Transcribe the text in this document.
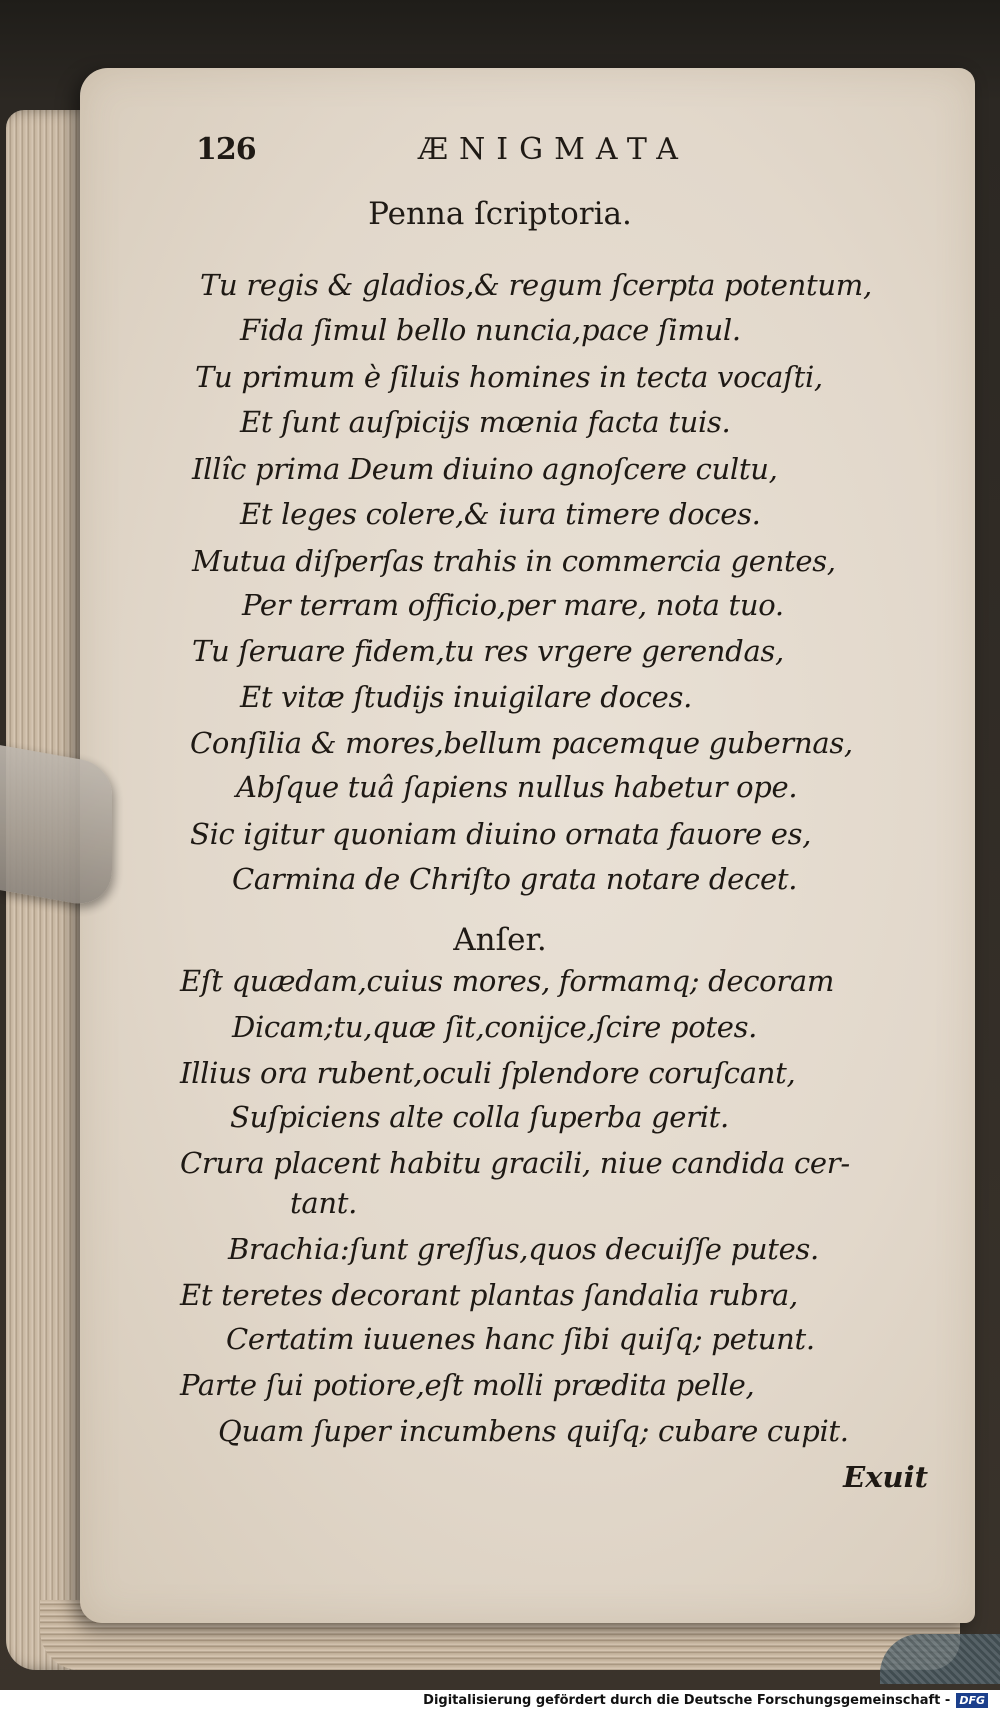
126	ÆNIGMATA
Penna ſcriptoria.
Tu regis & gladios,& regum ſcerpta potentum,
Fida ſimul bello nuncia,pace ſimul.
Tu primum è ſiluis homines in tecta vocaſti,
Et ſunt auſpicijs mœnia facta tuis.
Illîc prima Deum diuino agnoſcere cultu,
Et leges colere,& iura timere doces.
Mutua diſperſas trahis in commercia gentes,
Per terram officio,per mare, nota tuo.
Tu ſeruare fidem,tu res vrgere gerendas,
Et vitæ ſtudijs inuigilare doces.
Conſilia & mores,bellum pacemque gubernas,
Abſque tuâ ſapiens nullus habetur ope.
Sic igitur quoniam diuino ornata fauore es,
Carmina de Chriſto grata notare decet.
Anſer.
Eſt quædam,cuius mores, formamq; decoram
Dicam;tu,quæ ſit,conijce,ſcire potes.
Illius ora rubent,oculi ſplendore coruſcant,
Suſpiciens alte colla ſuperba gerit.
Crura placent habitu gracili, niue candida cer-
tant.
Brachia:ſunt greſſus,quos decuiſſe putes.
Et teretes decorant plantas ſandalia rubra,
Certatim iuuenes hanc ſibi quiſq; petunt.
Parte ſui potiore,eſt molli prædita pelle,
Quam ſuper incumbens quiſq; cubare cupit.
Exuit
Digitalisierung gefördert durch die Deutsche Forschungsgemeinschaft - DFG
